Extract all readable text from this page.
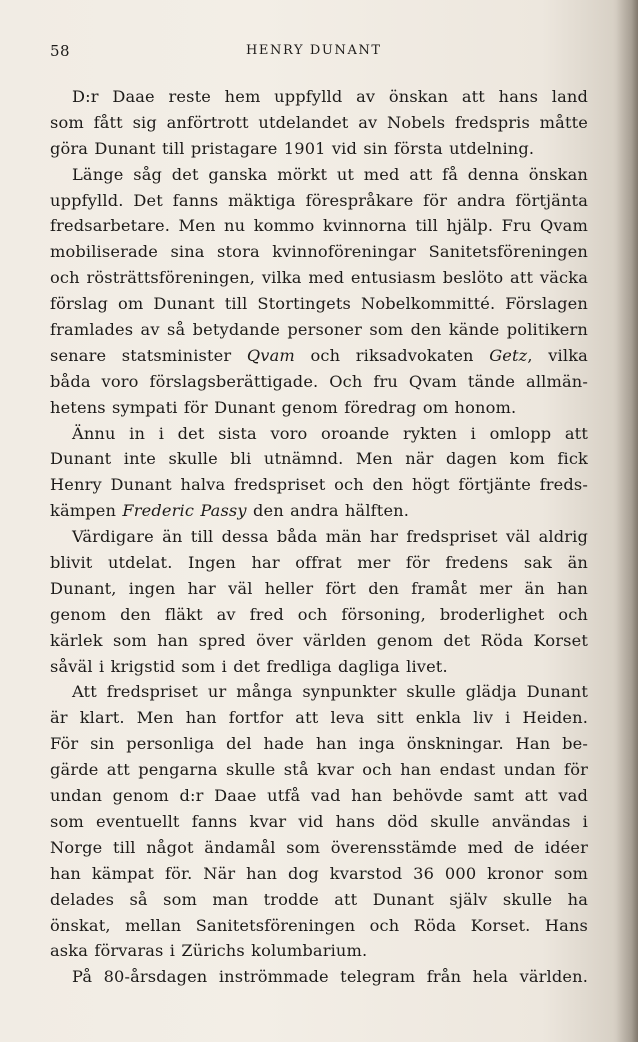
58	HENRY DUNANT
D:r Daae reste hem uppfylld av önskan att hans land
som fått sig anförtrott utdelandet av Nobels fredspris måtte
göra Dunant till pristagare 1901 vid sin första utdelning.
Länge såg det ganska mörkt ut med att få denna önskan
uppfylld. Det fanns mäktiga förespråkare för andra förtjänta
fredsarbetare. Men nu kommo kvinnorna till hjälp. Fru Qvam
mobiliserade sina stora kvinnoföreningar Sanitetsföreningen
och rösträttsföreningen, vilka med entusiasm beslöto att väcka
förslag om Dunant till Stortingets Nobelkommitté. Förslagen
framlades av så betydande personer som den kände politikern
senare statsminister Qvam och riksadvokaten Getz, vilka
båda voro förslagsberättigade. Och fru Qvam tände allmän-
hetens sympati för Dunant genom föredrag om honom.
Ännu in i det sista voro oroande rykten i omlopp att
Dunant inte skulle bli utnämnd. Men när dagen kom fick
Henry Dunant halva fredspriset och den högt förtjänte freds-
kämpen Frederic Passy den andra hälften.
Värdigare än till dessa båda män har fredspriset väl aldrig
blivit utdelat. Ingen har offrat mer för fredens sak än
Dunant, ingen har väl heller fört den framåt mer än han
genom den fläkt av fred och försoning, broderlighet och
kärlek som han spred över världen genom det Röda Korset
såväl i krigstid som i det fredliga dagliga livet.
Att fredspriset ur många synpunkter skulle glädja Dunant
är klart. Men han fortfor att leva sitt enkla liv i Heiden.
För sin personliga del hade han inga önskningar. Han be-
gärde att pengarna skulle stå kvar och han endast undan för
undan genom d:r Daae utfå vad han behövde samt att vad
som eventuellt fanns kvar vid hans död skulle användas i
Norge till något ändamål som överensstämde med de idéer
han kämpat för. När han dog kvarstod 36 000 kronor som
delades så som man trodde att Dunant själv skulle ha
önskat, mellan Sanitetsföreningen och Röda Korset. Hans
aska förvaras i Zürichs kolumbarium.
På 80-årsdagen inströmmade telegram från hela världen.
